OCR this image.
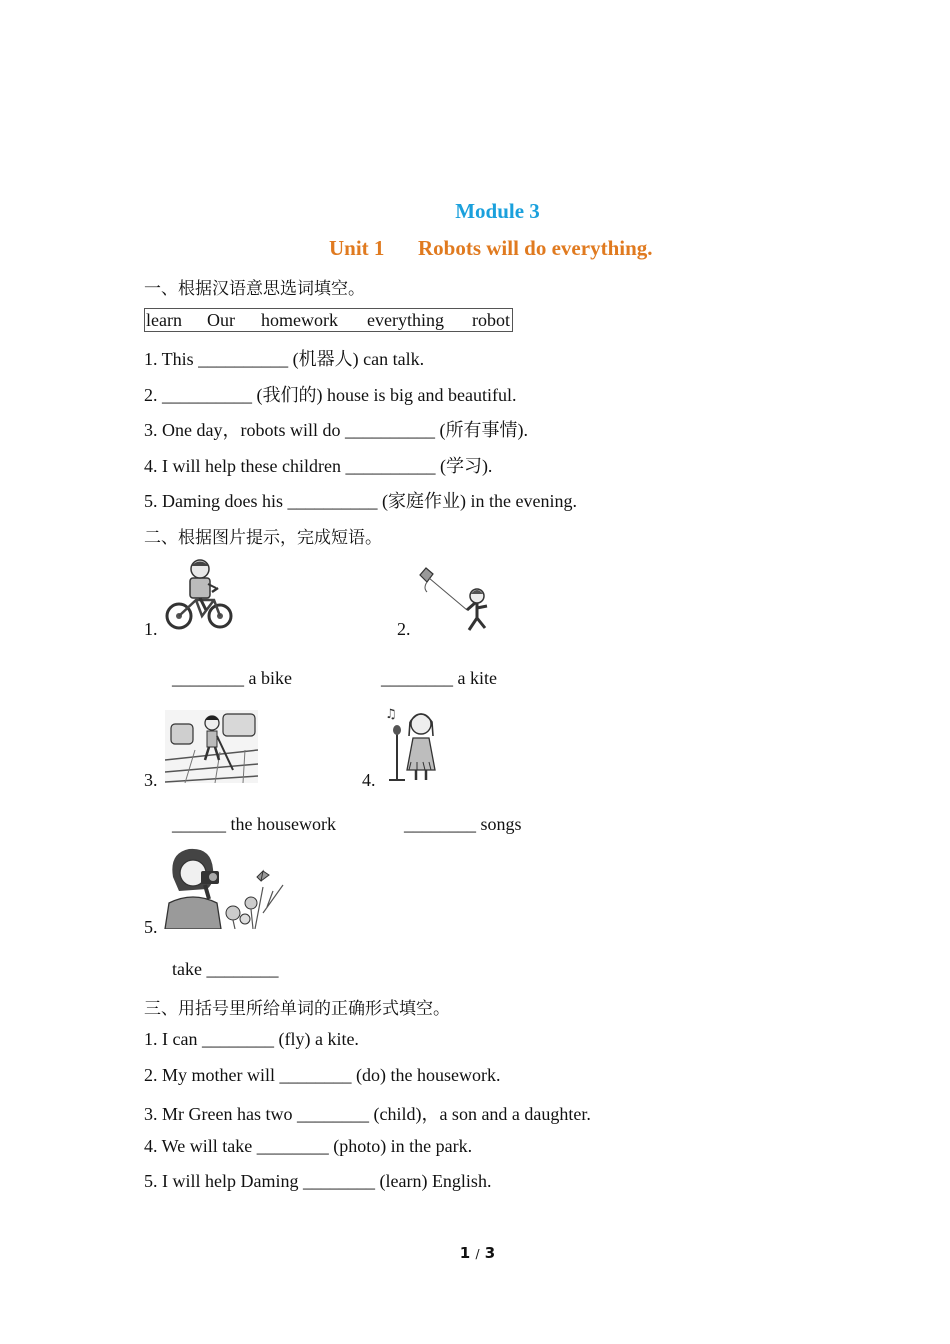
Module 3
Unit 1 Robots will do everything.
一、根据汉语意思选词填空。
learn Our homework everything robot
1. This __________ (机器人) can talk.
2. __________ (我们的) house is big and beautiful.
3. One day，robots will do __________ (所有事情).
4. I will help these children __________ (学习).
5. Daming does his __________ (家庭作业) in the evening.
二、根据图片提示，完成短语。
1.	2.
________ a bike	________ a kite
3.	4.
♫
______ the housework	________ songs
5.
take ________
三、用括号里所给单词的正确形式填空。
1. I can ________ (fly) a kite.
2. My mother will ________ (do) the housework.
3. Mr Green has two ________ (child)，a son and a daughter.
4. We will take ________ (photo) in the park.
5. I will help Daming ________ (learn) English.
1 / 3
